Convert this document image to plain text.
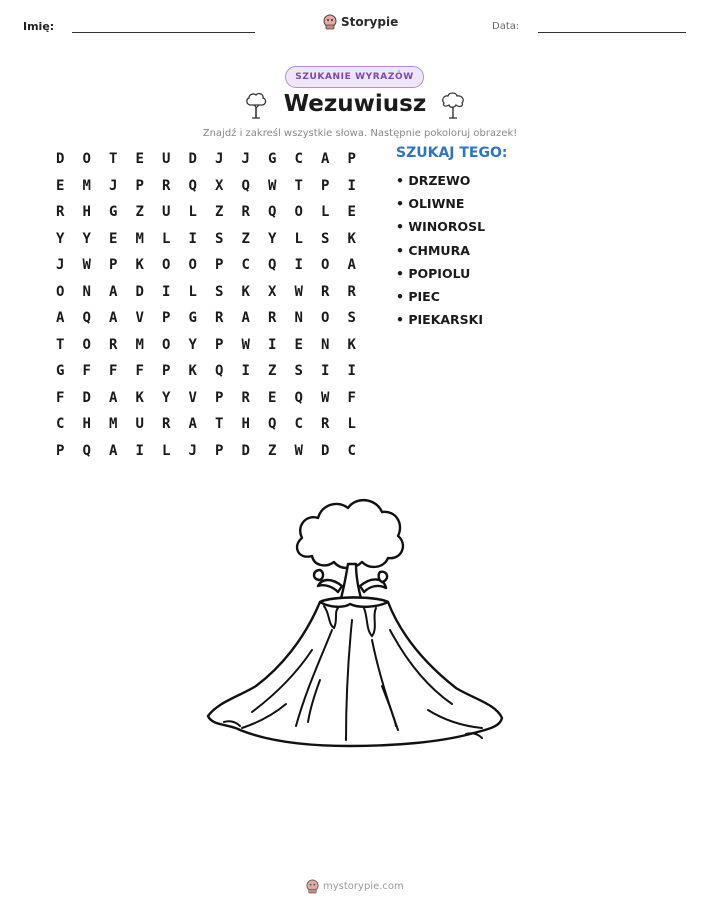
Imię:	Storypie	Data:
SZUKANIE WYRAZÓW
Wezuwiusz
Znajdź i zakreśl wszystkie słowa. Następnie pokoloruj obrazek!
D	O	T	E	U	D	J	J	G	C	A	P
E	M	J	P	R	Q	X	Q	W	T	P	I
R	H	G	Z	U	L	Z	R	Q	O	L	E
Y	Y	E	M	L	I	S	Z	Y	L	S	K
J	W	P	K	O	O	P	C	Q	I	O	A
O	N	A	D	I	L	S	K	X	W	R	R
A	Q	A	V	P	G	R	A	R	N	O	S
T	O	R	M	O	Y	P	W	I	E	N	K
G	F	F	F	P	K	Q	I	Z	S	I	I
F	D	A	K	Y	V	P	R	E	Q	W	F
C	H	M	U	R	A	T	H	Q	C	R	L
P	Q	A	I	L	J	P	D	Z	W	D	C
SZUKAJ TEGO:
• DRZEWO
• OLIWNE
• WINOROSL
• CHMURA
• POPIOLU
• PIEC
• PIEKARSKI
mystorypie.com
